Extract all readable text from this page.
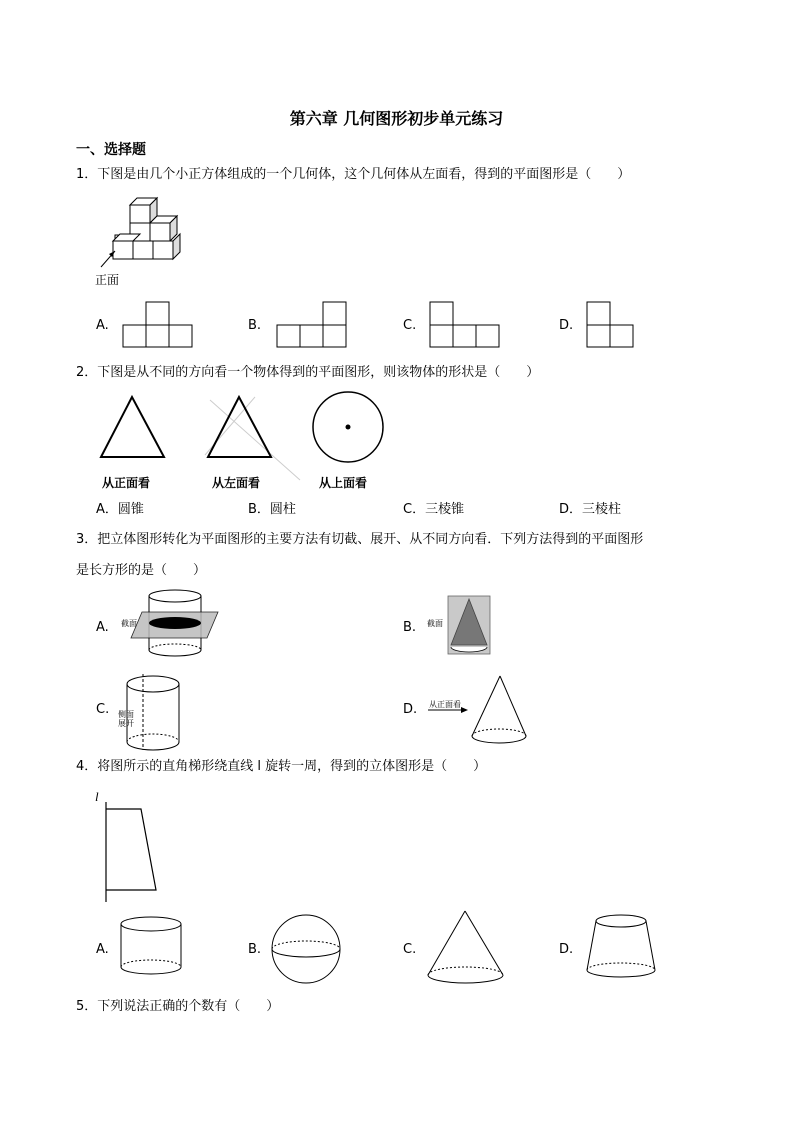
第六章 几何图形初步单元练习
一、选择题
1．下图是由几个小正方体组成的一个几何体，这个几何体从左面看，得到的平面图形是（　　）
正面
A.	B.	C.	D.
2．下图是从不同的方向看一个物体得到的平面图形，则该物体的形状是（　　）
从正面看	从左面看	从上面看
A．圆锥	B．圆柱	C．三棱锥	D．三棱柱
3．把立体图形转化为平面图形的主要方法有切截、展开、从不同方向看．下列方法得到的平面图形
是长方形的是（　　）
A. 截面	B. 截面
C. 侧面展开
D. 从正面看
4．将图所示的直角梯形绕直线 l 旋转一周，得到的立体图形是（　　）
l
A.	B.	C.	D.
5．下列说法正确的个数有（　　）
